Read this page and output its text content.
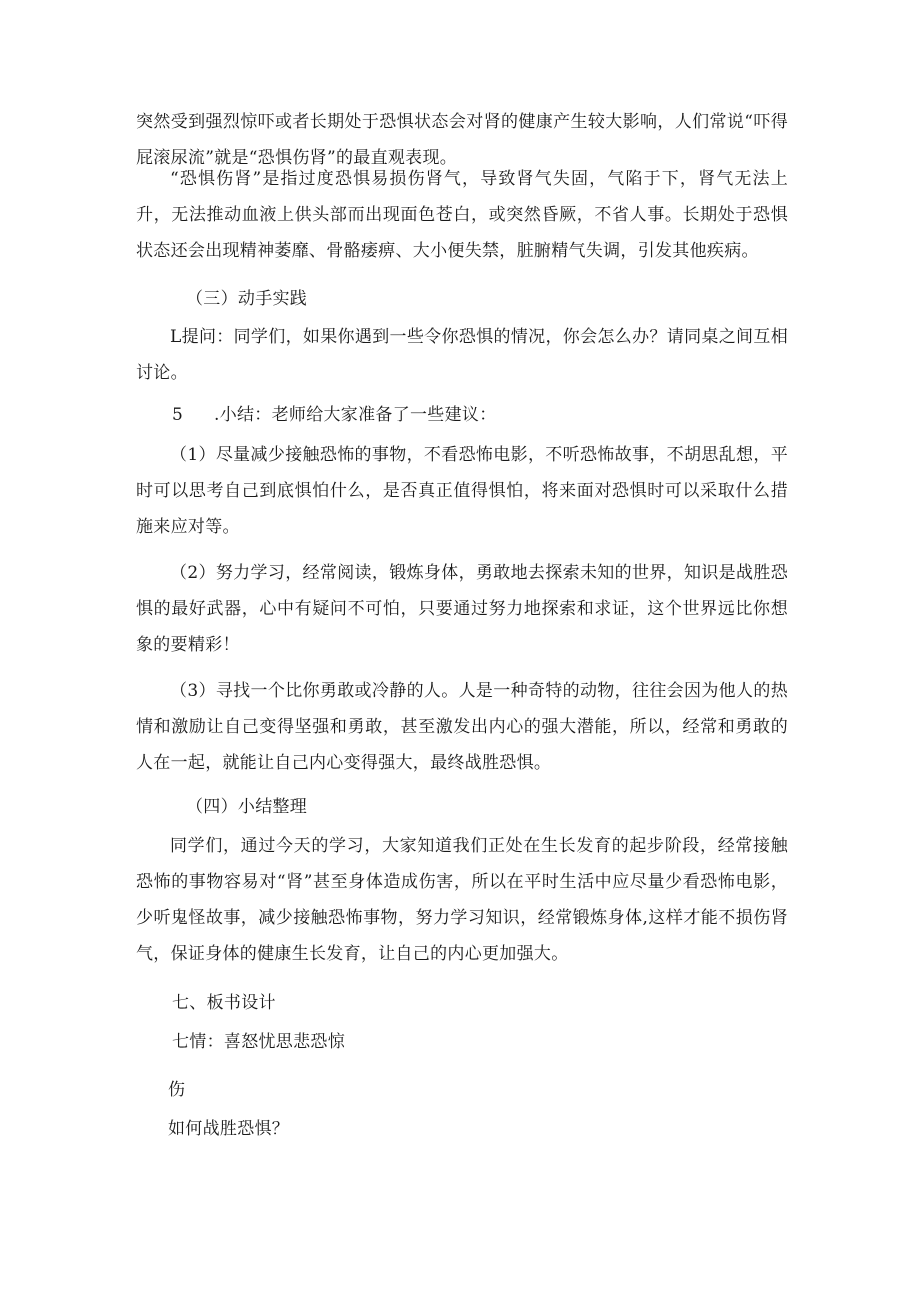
突然受到强烈惊吓或者长期处于恐惧状态会对肾的健康产生较大影响，人们常说“吓得屁滚尿流”就是“恐惧伤肾”的最直观表现。

“恐惧伤肾”是指过度恐惧易损伤肾气，导致肾气失固，气陷于下，肾气无法上升，无法推动血液上供头部而出现面色苍白，或突然昏厥，不省人事。长期处于恐惧状态还会出现精神萎靡、骨骼痿痹、大小便失禁，脏腑精气失调，引发其他疾病。

（三）动手实践

L提问：同学们，如果你遇到一些令你恐惧的情况，你会怎么办？请同桌之间互相讨论。

5 .小结：老师给大家准备了一些建议：

（1）尽量减少接触恐怖的事物，不看恐怖电影，不听恐怖故事，不胡思乱想，平时可以思考自己到底惧怕什么，是否真正值得惧怕，将来面对恐惧时可以采取什么措施来应对等。

（2）努力学习，经常阅读，锻炼身体，勇敢地去探索未知的世界，知识是战胜恐惧的最好武器，心中有疑问不可怕，只要通过努力地探索和求证，这个世界远比你想象的要精彩！

（3）寻找一个比你勇敢或冷静的人。人是一种奇特的动物，往往会因为他人的热情和激励让自己变得坚强和勇敢，甚至激发出内心的强大潜能，所以，经常和勇敢的人在一起，就能让自己内心变得强大，最终战胜恐惧。

（四）小结整理

同学们，通过今天的学习，大家知道我们正处在生长发育的起步阶段，经常接触恐怖的事物容易对“肾”甚至身体造成伤害，所以在平时生活中应尽量少看恐怖电影，少听鬼怪故事，减少接触恐怖事物，努力学习知识，经常锻炼身体,这样才能不损伤肾气，保证身体的健康生长发育，让自己的内心更加强大。

七、板书设计

七情：喜怒忧思悲恐惊

伤

如何战胜恐惧？
